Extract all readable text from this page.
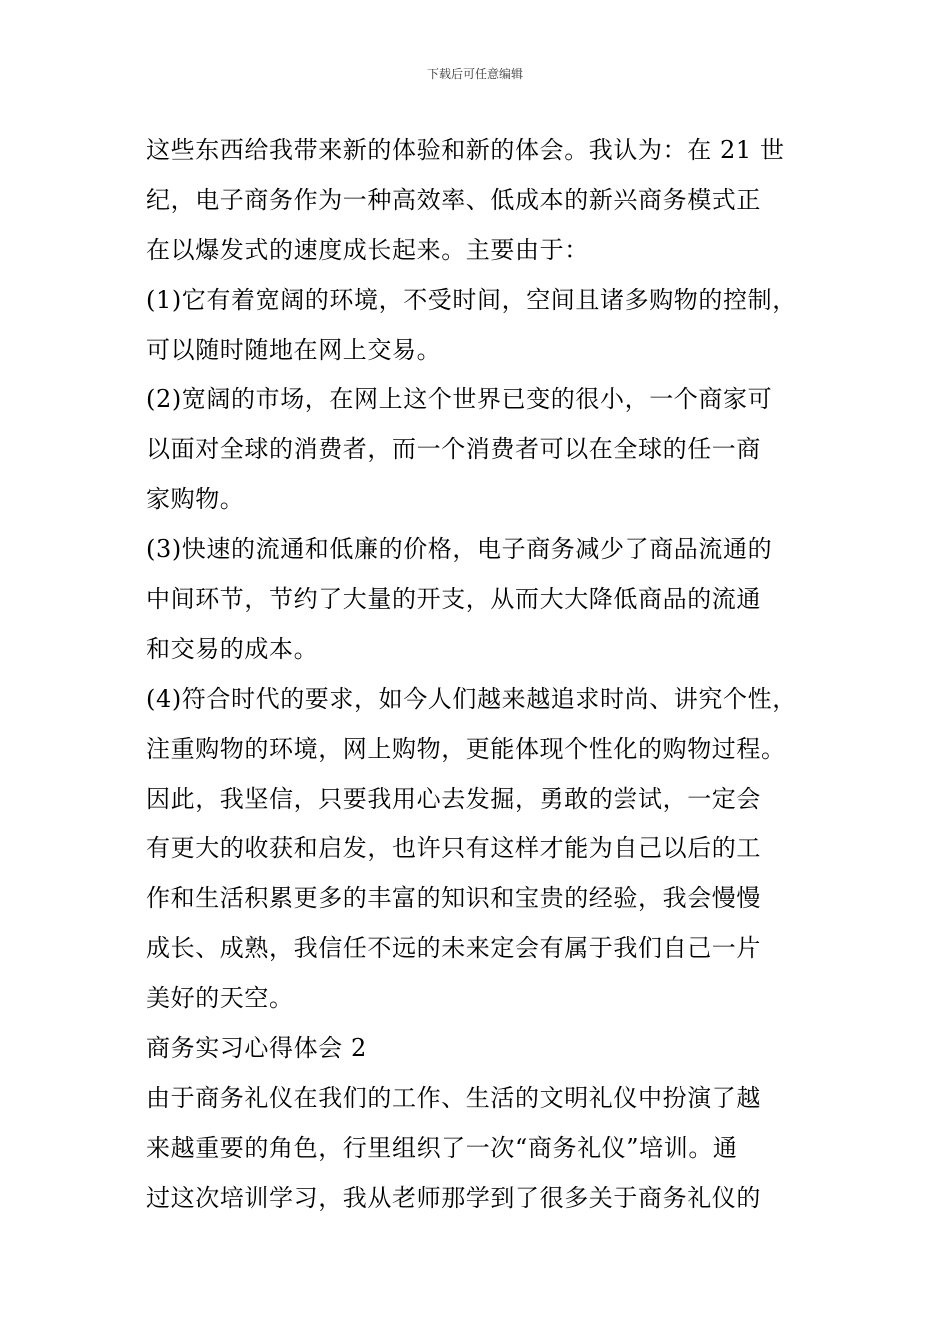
下载后可任意编辑
这些东西给我带来新的体验和新的体会。我认为：在 21 世
纪，电子商务作为一种高效率、低成本的新兴商务模式正
在以爆发式的速度成长起来。主要由于：
(1)它有着宽阔的环境，不受时间，空间且诸多购物的控制，
可以随时随地在网上交易。
(2)宽阔的市场，在网上这个世界已变的很小，一个商家可
以面对全球的消费者，而一个消费者可以在全球的任一商
家购物。
(3)快速的流通和低廉的价格，电子商务减少了商品流通的
中间环节，节约了大量的开支，从而大大降低商品的流通
和交易的成本。
(4)符合时代的要求，如今人们越来越追求时尚、讲究个性，
注重购物的环境，网上购物，更能体现个性化的购物过程。
因此，我坚信，只要我用心去发掘，勇敢的尝试，一定会
有更大的收获和启发，也许只有这样才能为自己以后的工
作和生活积累更多的丰富的知识和宝贵的经验，我会慢慢
成长、成熟，我信任不远的未来定会有属于我们自己一片
美好的天空。
商务实习心得体会 2
由于商务礼仪在我们的工作、生活的文明礼仪中扮演了越
来越重要的角色，行里组织了一次“商务礼仪”培训。通
过这次培训学习，我从老师那学到了很多关于商务礼仪的
